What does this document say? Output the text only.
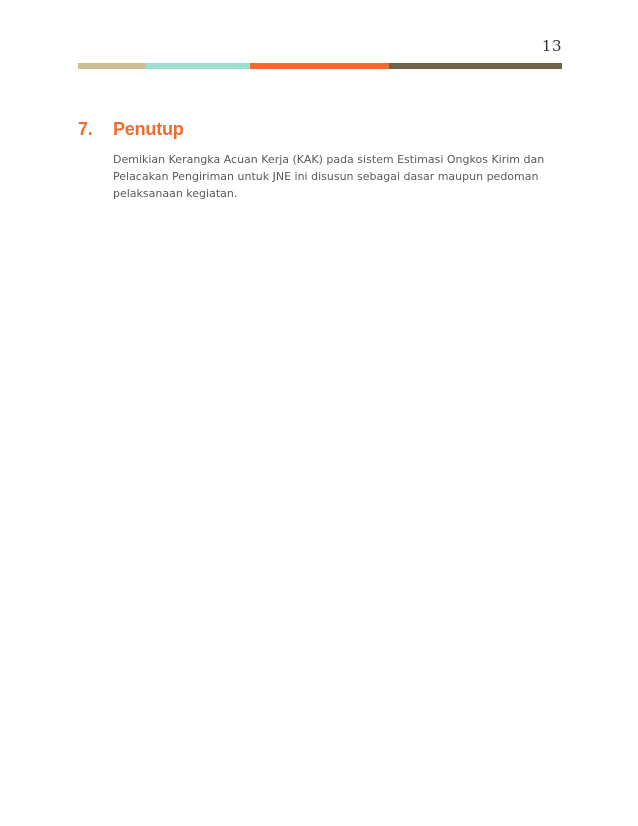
13
7.	Penutup

Demikian Kerangka Acuan Kerja (KAK) pada sistem Estimasi Ongkos Kirim dan Pelacakan Pengiriman untuk JNE ini disusun sebagai dasar maupun pedoman pelaksanaan kegiatan.
